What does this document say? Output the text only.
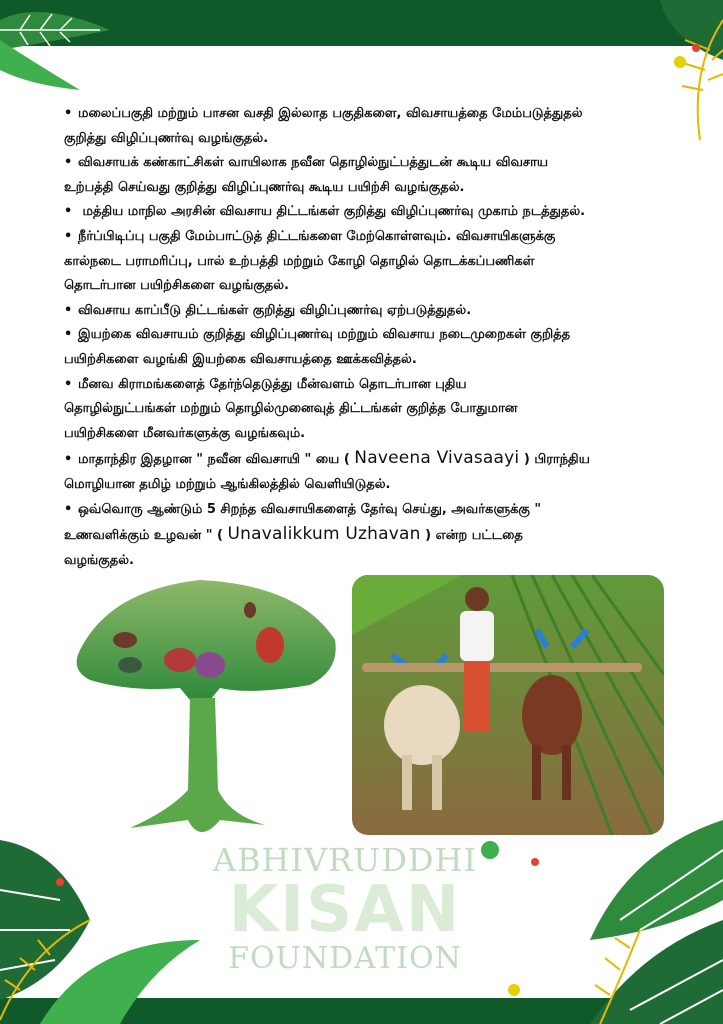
• மலைப்பகுதி மற்றும் பாசன வசதி இல்லாத பகுதிகளை, விவசாயத்தை மேம்படுத்துதல்
குறித்து விழிப்புணர்வு வழங்குதல்.
• விவசாயக் கண்காட்சிகள் வாயிலாக நவீன தொழில்நுட்பத்துடன் கூடிய விவசாய
உற்பத்தி செய்வது குறித்து விழிப்புணர்வு கூடிய பயிற்சி வழங்குதல்.
• மத்திய மாநில அரசின் விவசாய திட்டங்கள் குறித்து விழிப்புணர்வு முகாம் நடத்துதல்.
• நீர்ப்பிடிப்பு பகுதி மேம்பாட்டுத் திட்டங்களை மேற்கொள்ளவும். விவசாயிகளுக்கு
கால்நடை பராமரிப்பு, பால் உற்பத்தி மற்றும் கோழி தொழில் தொடக்கப்பணிகள்
தொடர்பான பயிற்சிகளை வழங்குதல்.
• விவசாய காப்பீடு திட்டங்கள் குறித்து விழிப்புணர்வு ஏற்படுத்துதல்.
• இயற்கை விவசாயம் குறித்து விழிப்புணர்வு மற்றும் விவசாய நடைமுறைகள் குறித்த
பயிற்சிகளை வழங்கி இயற்கை விவசாயத்தை ஊக்கவித்தல்.
• மீனவ கிராமங்களைத் தேர்ந்தெடுத்து மீன்வளம் தொடர்பான புதிய
தொழில்நுட்பங்கள் மற்றும் தொழில்முனைவுத் திட்டங்கள் குறித்த போதுமான
பயிற்சிகளை மீனவர்களுக்கு வழங்கவும்.
• மாதாந்திர இதழான " நவீன விவசாயி " யை ( Naveena Vivasaayi ) பிராந்திய
மொழியான தமிழ் மற்றும் ஆங்கிலத்தில் வெளியிடுதல்.
• ஒவ்வொரு ஆண்டும் 5 சிறந்த விவசாயிகளைத் தேர்வு செய்து, அவர்களுக்கு "
உணவளிக்கும் உழவன் " ( Unavalikkum Uzhavan ) என்ற பட்டதை
வழங்குதல்.
ABHIVRUDDHI
KISAN
FOUNDATION
